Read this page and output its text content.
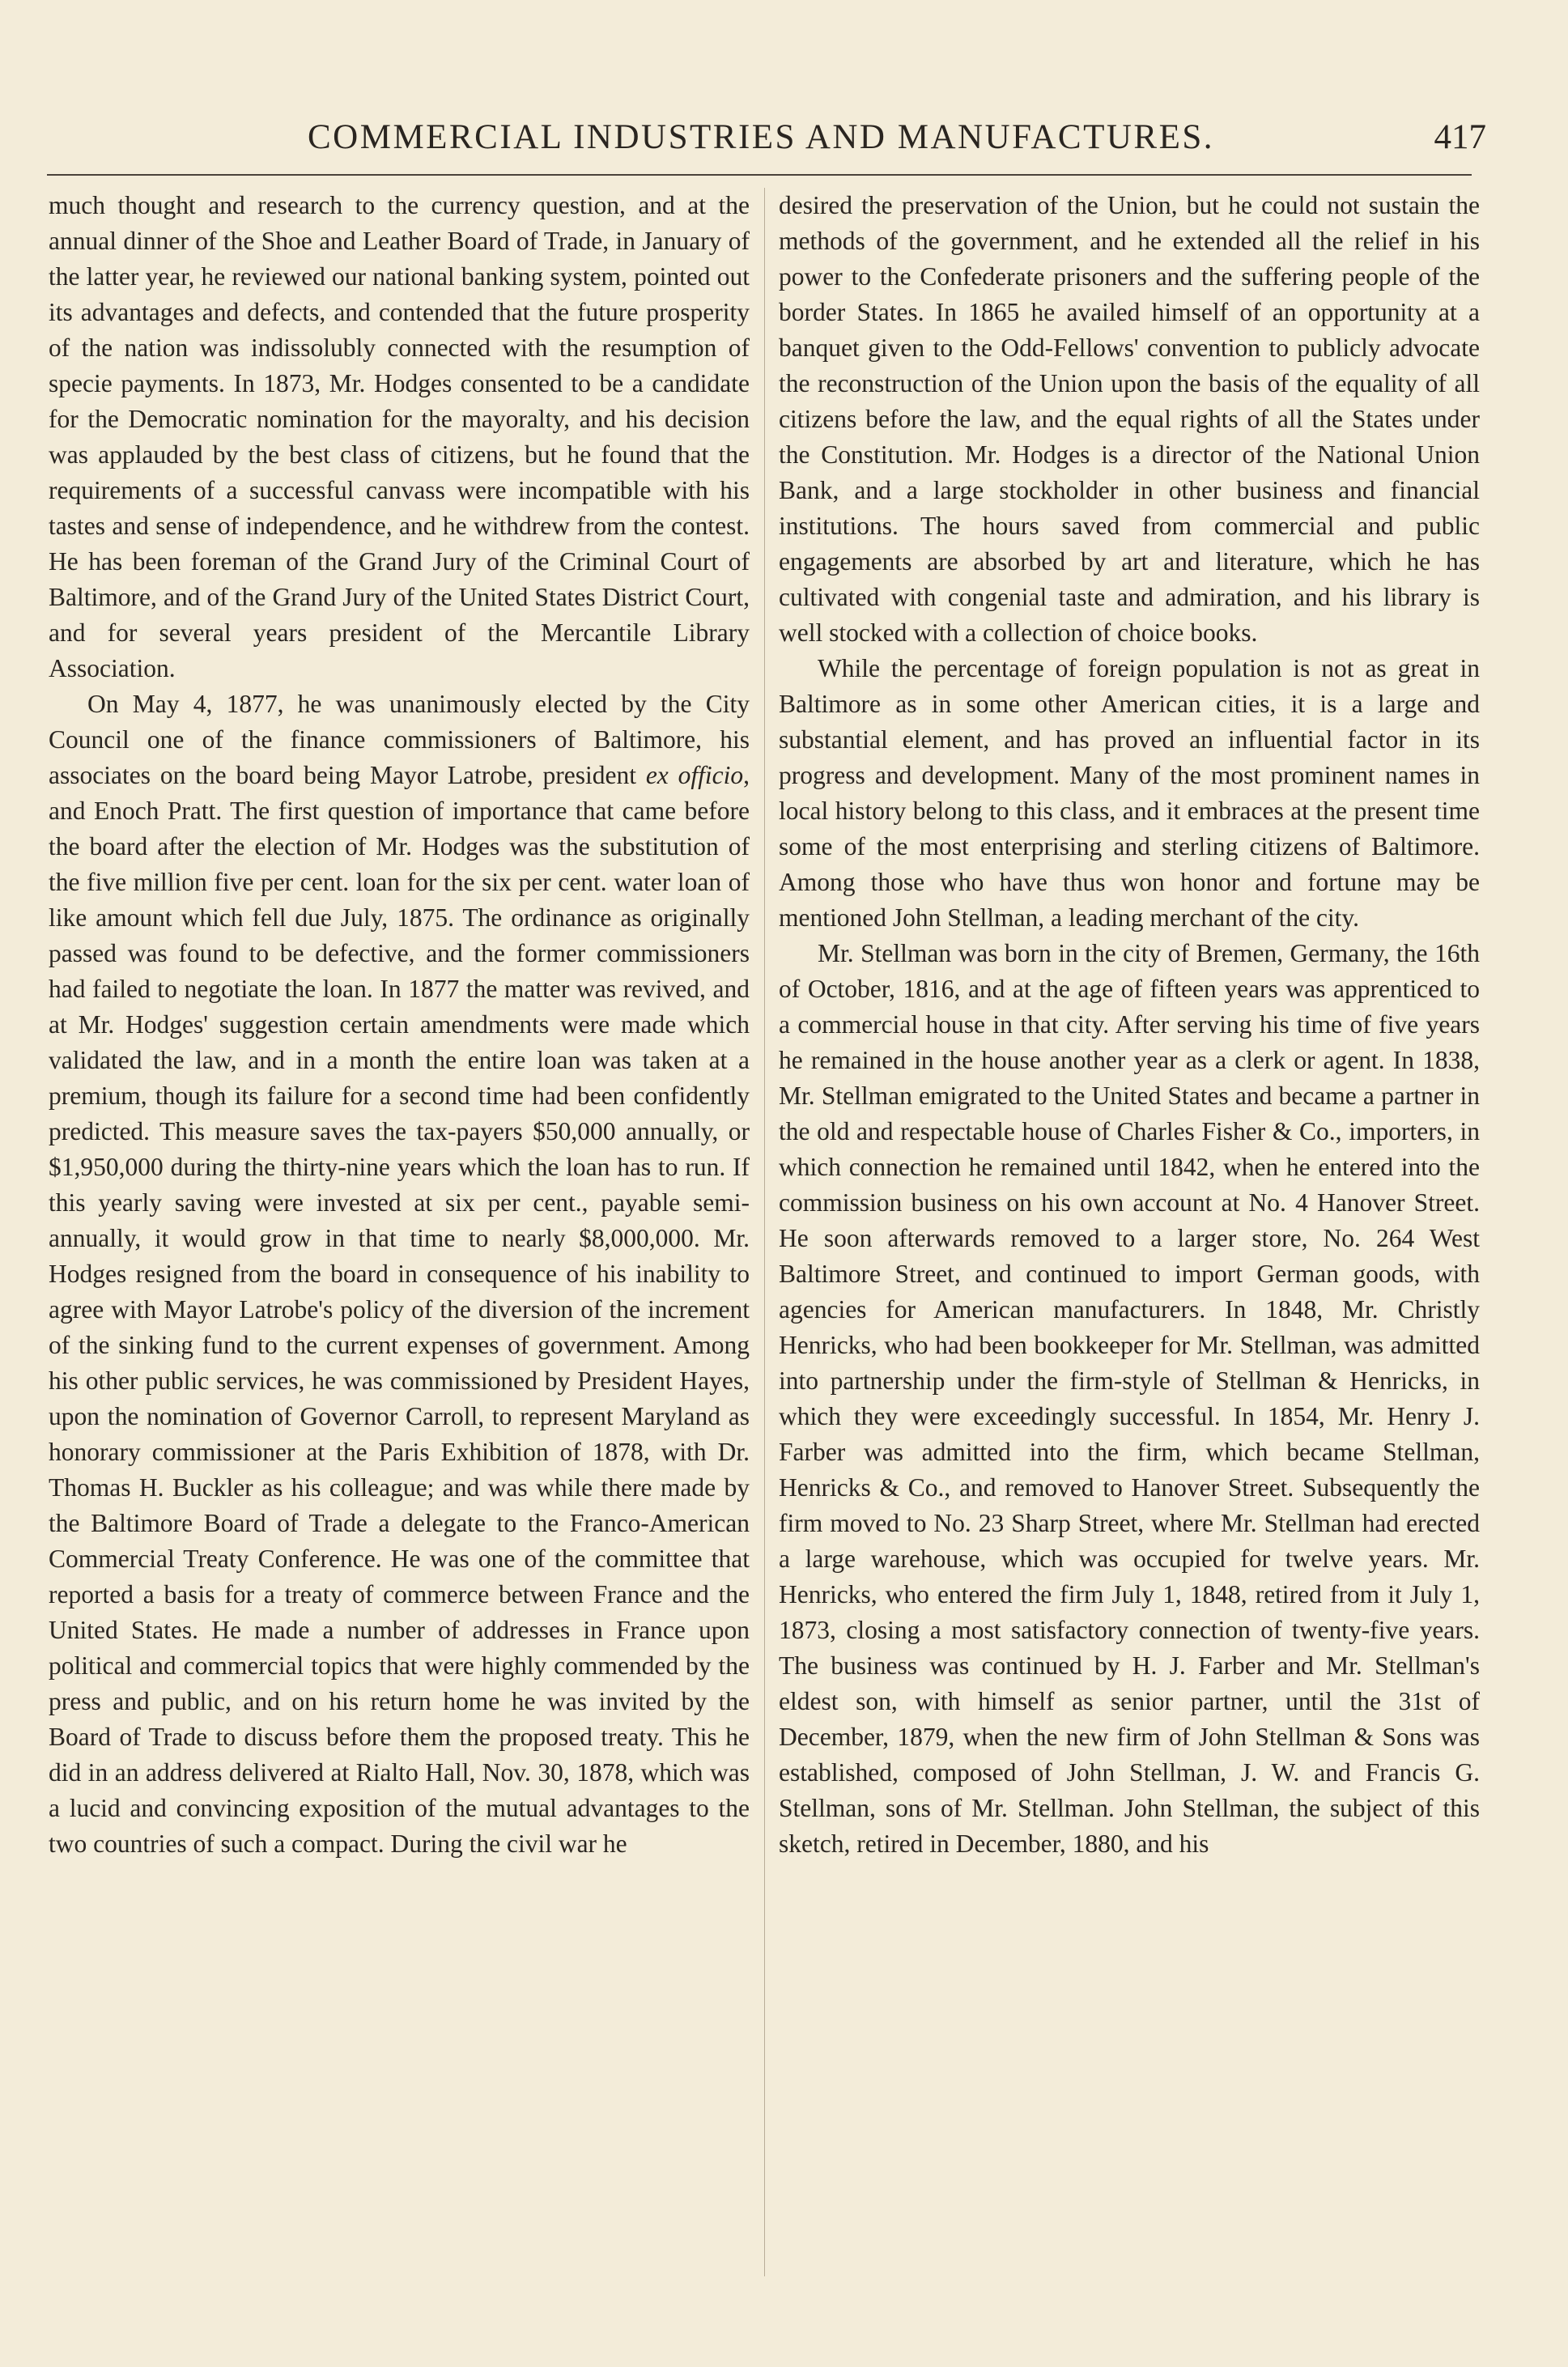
COMMERCIAL INDUSTRIES AND MANUFACTURES.	417

much thought and research to the currency question, and at the annual dinner of the Shoe and Leather Board of Trade, in January of the latter year, he reviewed our national banking system, pointed out its advantages and defects, and contended that the future prosperity of the nation was indissolubly connected with the resumption of specie payments. In 1873, Mr. Hodges consented to be a candidate for the Democratic nomination for the mayoralty, and his decision was applauded by the best class of citizens, but he found that the requirements of a successful canvass were incompatible with his tastes and sense of independence, and he withdrew from the contest. He has been foreman of the Grand Jury of the Criminal Court of Baltimore, and of the Grand Jury of the United States District Court, and for several years president of the Mercantile Library Association.

On May 4, 1877, he was unanimously elected by the City Council one of the finance commissioners of Baltimore, his associates on the board being Mayor Latrobe, president ex officio, and Enoch Pratt. The first question of importance that came before the board after the election of Mr. Hodges was the substitution of the five million five per cent. loan for the six per cent. water loan of like amount which fell due July, 1875. The ordinance as originally passed was found to be defective, and the former commissioners had failed to negotiate the loan. In 1877 the matter was revived, and at Mr. Hodges' suggestion certain amendments were made which validated the law, and in a month the entire loan was taken at a premium, though its failure for a second time had been confidently predicted. This measure saves the tax-payers $50,000 annually, or $1,950,000 during the thirty-nine years which the loan has to run. If this yearly saving were invested at six per cent., payable semi-annually, it would grow in that time to nearly $8,000,000. Mr. Hodges resigned from the board in consequence of his inability to agree with Mayor Latrobe's policy of the diversion of the increment of the sinking fund to the current expenses of government. Among his other public services, he was commissioned by President Hayes, upon the nomination of Governor Carroll, to represent Maryland as honorary commissioner at the Paris Exhibition of 1878, with Dr. Thomas H. Buckler as his colleague; and was while there made by the Baltimore Board of Trade a delegate to the Franco-American Commercial Treaty Conference. He was one of the committee that reported a basis for a treaty of commerce between France and the United States. He made a number of addresses in France upon political and commercial topics that were highly commended by the press and public, and on his return home he was invited by the Board of Trade to discuss before them the proposed treaty. This he did in an address delivered at Rialto Hall, Nov. 30, 1878, which was a lucid and convincing exposition of the mutual advantages to the two countries of such a compact. During the civil war he

desired the preservation of the Union, but he could not sustain the methods of the government, and he extended all the relief in his power to the Confederate prisoners and the suffering people of the border States. In 1865 he availed himself of an opportunity at a banquet given to the Odd-Fellows' convention to publicly advocate the reconstruction of the Union upon the basis of the equality of all citizens before the law, and the equal rights of all the States under the Constitution. Mr. Hodges is a director of the National Union Bank, and a large stockholder in other business and financial institutions. The hours saved from commercial and public engagements are absorbed by art and literature, which he has cultivated with congenial taste and admiration, and his library is well stocked with a collection of choice books.

While the percentage of foreign population is not as great in Baltimore as in some other American cities, it is a large and substantial element, and has proved an influential factor in its progress and development. Many of the most prominent names in local history belong to this class, and it embraces at the present time some of the most enterprising and sterling citizens of Baltimore. Among those who have thus won honor and fortune may be mentioned John Stellman, a leading merchant of the city.

Mr. Stellman was born in the city of Bremen, Germany, the 16th of October, 1816, and at the age of fifteen years was apprenticed to a commercial house in that city. After serving his time of five years he remained in the house another year as a clerk or agent. In 1838, Mr. Stellman emigrated to the United States and became a partner in the old and respectable house of Charles Fisher & Co., importers, in which connection he remained until 1842, when he entered into the commission business on his own account at No. 4 Hanover Street. He soon afterwards removed to a larger store, No. 264 West Baltimore Street, and continued to import German goods, with agencies for American manufacturers. In 1848, Mr. Christly Henricks, who had been bookkeeper for Mr. Stellman, was admitted into partnership under the firm-style of Stellman & Henricks, in which they were exceedingly successful. In 1854, Mr. Henry J. Farber was admitted into the firm, which became Stellman, Henricks & Co., and removed to Hanover Street. Subsequently the firm moved to No. 23 Sharp Street, where Mr. Stellman had erected a large warehouse, which was occupied for twelve years. Mr. Henricks, who entered the firm July 1, 1848, retired from it July 1, 1873, closing a most satisfactory connection of twenty-five years. The business was continued by H. J. Farber and Mr. Stellman's eldest son, with himself as senior partner, until the 31st of December, 1879, when the new firm of John Stellman & Sons was established, composed of John Stellman, J. W. and Francis G. Stellman, sons of Mr. Stellman. John Stellman, the subject of this sketch, retired in December, 1880, and his
